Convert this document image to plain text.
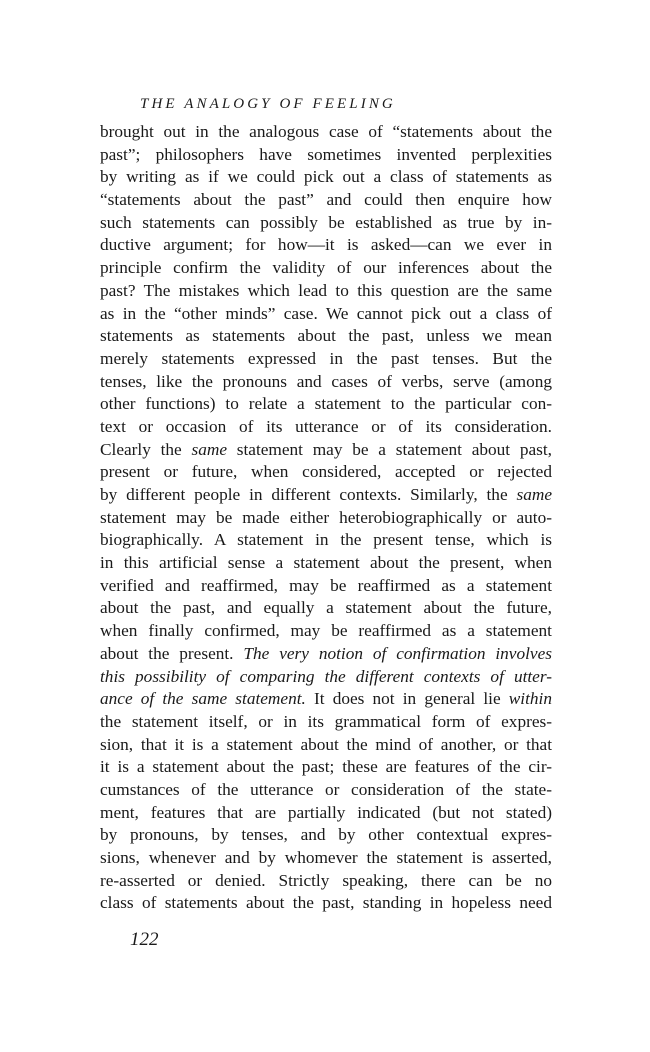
THE ANALOGY OF FEELING
brought out in the analogous case of “statements about the
past”; philosophers have sometimes invented perplexities
by writing as if we could pick out a class of statements as
“statements about the past” and could then enquire how
such statements can possibly be established as true by in-
ductive argument; for how—it is asked—can we ever in
principle confirm the validity of our inferences about the
past? The mistakes which lead to this question are the same
as in the “other minds” case. We cannot pick out a class of
statements as statements about the past, unless we mean
merely statements expressed in the past tenses. But the
tenses, like the pronouns and cases of verbs, serve (among
other functions) to relate a statement to the particular con-
text or occasion of its utterance or of its consideration.
Clearly the same statement may be a statement about past,
present or future, when considered, accepted or rejected
by different people in different contexts. Similarly, the same
statement may be made either heterobiographically or auto-
biographically. A statement in the present tense, which is
in this artificial sense a statement about the present, when
verified and reaffirmed, may be reaffirmed as a statement
about the past, and equally a statement about the future,
when finally confirmed, may be reaffirmed as a statement
about the present. The very notion of confirmation involves
this possibility of comparing the different contexts of utter-
ance of the same statement. It does not in general lie within
the statement itself, or in its grammatical form of expres-
sion, that it is a statement about the mind of another, or that
it is a statement about the past; these are features of the cir-
cumstances of the utterance or consideration of the state-
ment, features that are partially indicated (but not stated)
by pronouns, by tenses, and by other contextual expres-
sions, whenever and by whomever the statement is asserted,
re-asserted or denied. Strictly speaking, there can be no
class of statements about the past, standing in hopeless need
122
